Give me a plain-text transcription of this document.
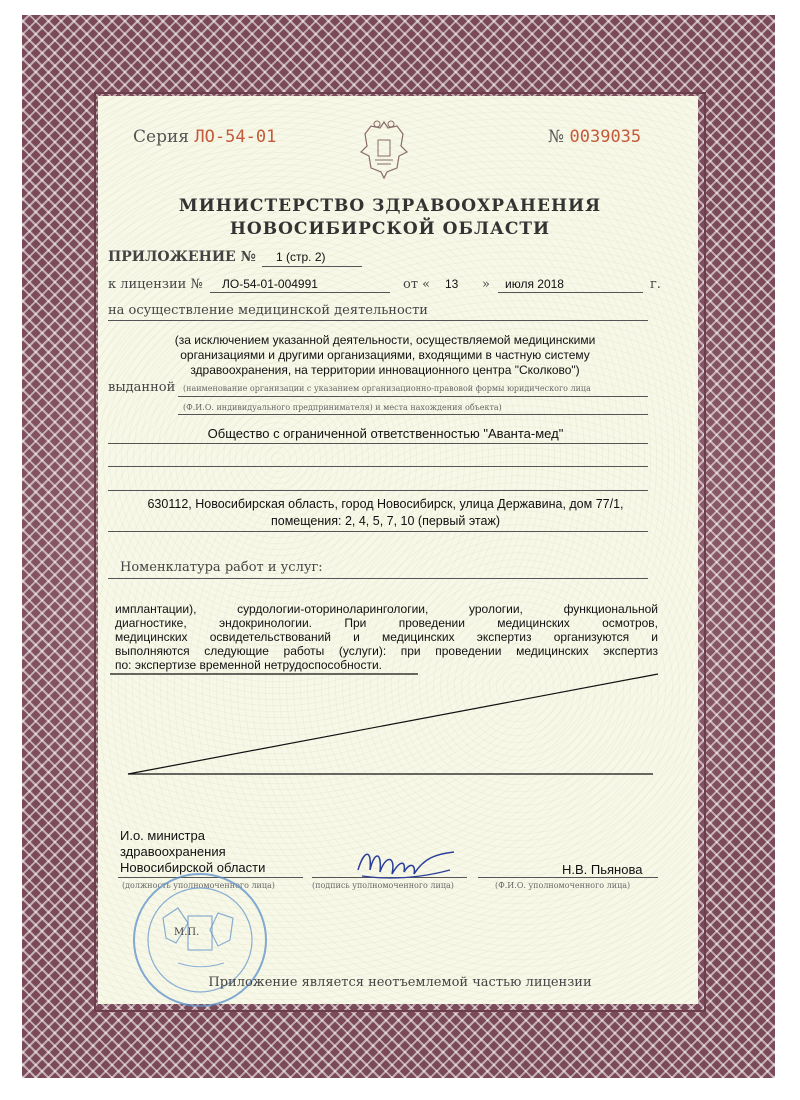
Серия ЛО-54-01	№ 0039035
МИНИСТЕРСТВО ЗДРАВООХРАНЕНИЯ
НОВОСИБИРСКОЙ ОБЛАСТИ
ПРИЛОЖЕНИЕ № 1 (стр. 2)
к лицензии № ЛО-54-01-004991	от « 13 » июля 2018	г.
на осуществление медицинской деятельности
(за исключением указанной деятельности, осуществляемой медицинскими
организациями и другими организациями, входящими в частную систему
здравоохранения, на территории инновационного центра "Сколково")
выданной (наименование организации с указанием организационно-правовой формы юридического лица
(Ф.И.О. индивидуального предпринимателя) и места нахождения объекта)
Общество с ограниченной ответственностью "Аванта-мед"
630112, Новосибирская область, город Новосибирск, улица Державина, дом 77/1,
помещения: 2, 4, 5, 7, 10 (первый этаж)
Номенклатура работ и услуг:
имплантации), сурдологии-оториноларингологии, урологии, функциональной
диагностике, эндокринологии. При проведении медицинских осмотров,
медицинских освидетельствований и медицинских экспертиз организуются и
выполняются следующие работы (услуги): при проведении медицинских экспертиз
по: экспертизе временной нетрудоспособности.
И.о. министра
здравоохранения
Новосибирской области	Н.В. Пьянова
(должность уполномоченного лица)	(подпись уполномоченного лица)	(Ф.И.О. уполномоченного лица)
М.П.
Приложение является неотъемлемой частью лицензии
